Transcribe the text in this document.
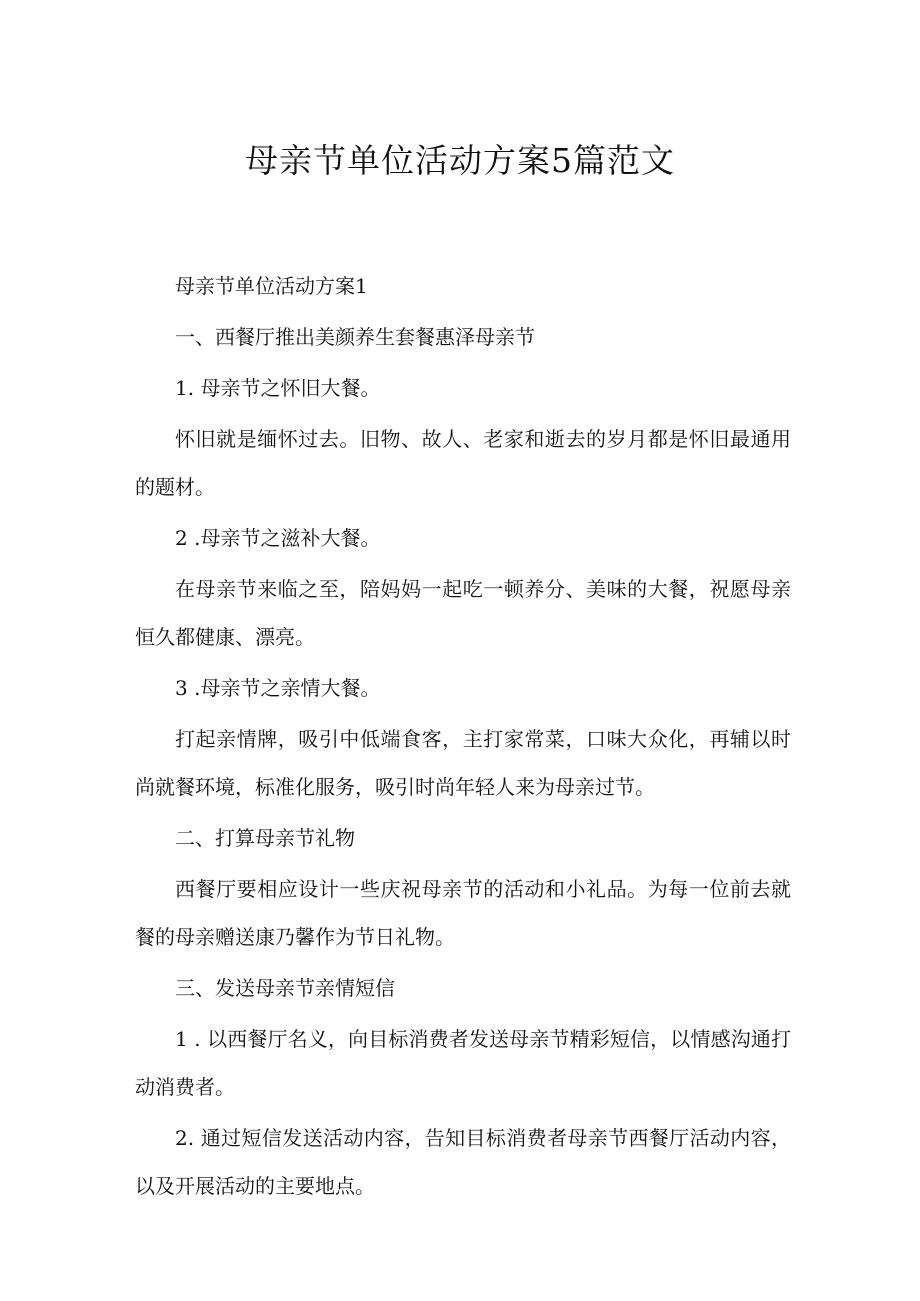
母亲节单位活动方案5篇范文

母亲节单位活动方案1

一、西餐厅推出美颜养生套餐惠泽母亲节

1. 母亲节之怀旧大餐。

怀旧就是缅怀过去。旧物、故人、老家和逝去的岁月都是怀旧最通用的题材。

2 .母亲节之滋补大餐。

在母亲节来临之至，陪妈妈一起吃一顿养分、美味的大餐，祝愿母亲恒久都健康、漂亮。

3 .母亲节之亲情大餐。

打起亲情牌，吸引中低端食客，主打家常菜，口味大众化，再辅以时尚就餐环境，标准化服务，吸引时尚年轻人来为母亲过节。

二、打算母亲节礼物

西餐厅要相应设计一些庆祝母亲节的活动和小礼品。为每一位前去就餐的母亲赠送康乃馨作为节日礼物。

三、发送母亲节亲情短信

1 . 以西餐厅名义，向目标消费者发送母亲节精彩短信，以情感沟通打动消费者。

2. 通过短信发送活动内容，告知目标消费者母亲节西餐厅活动内容，以及开展活动的主要地点。
